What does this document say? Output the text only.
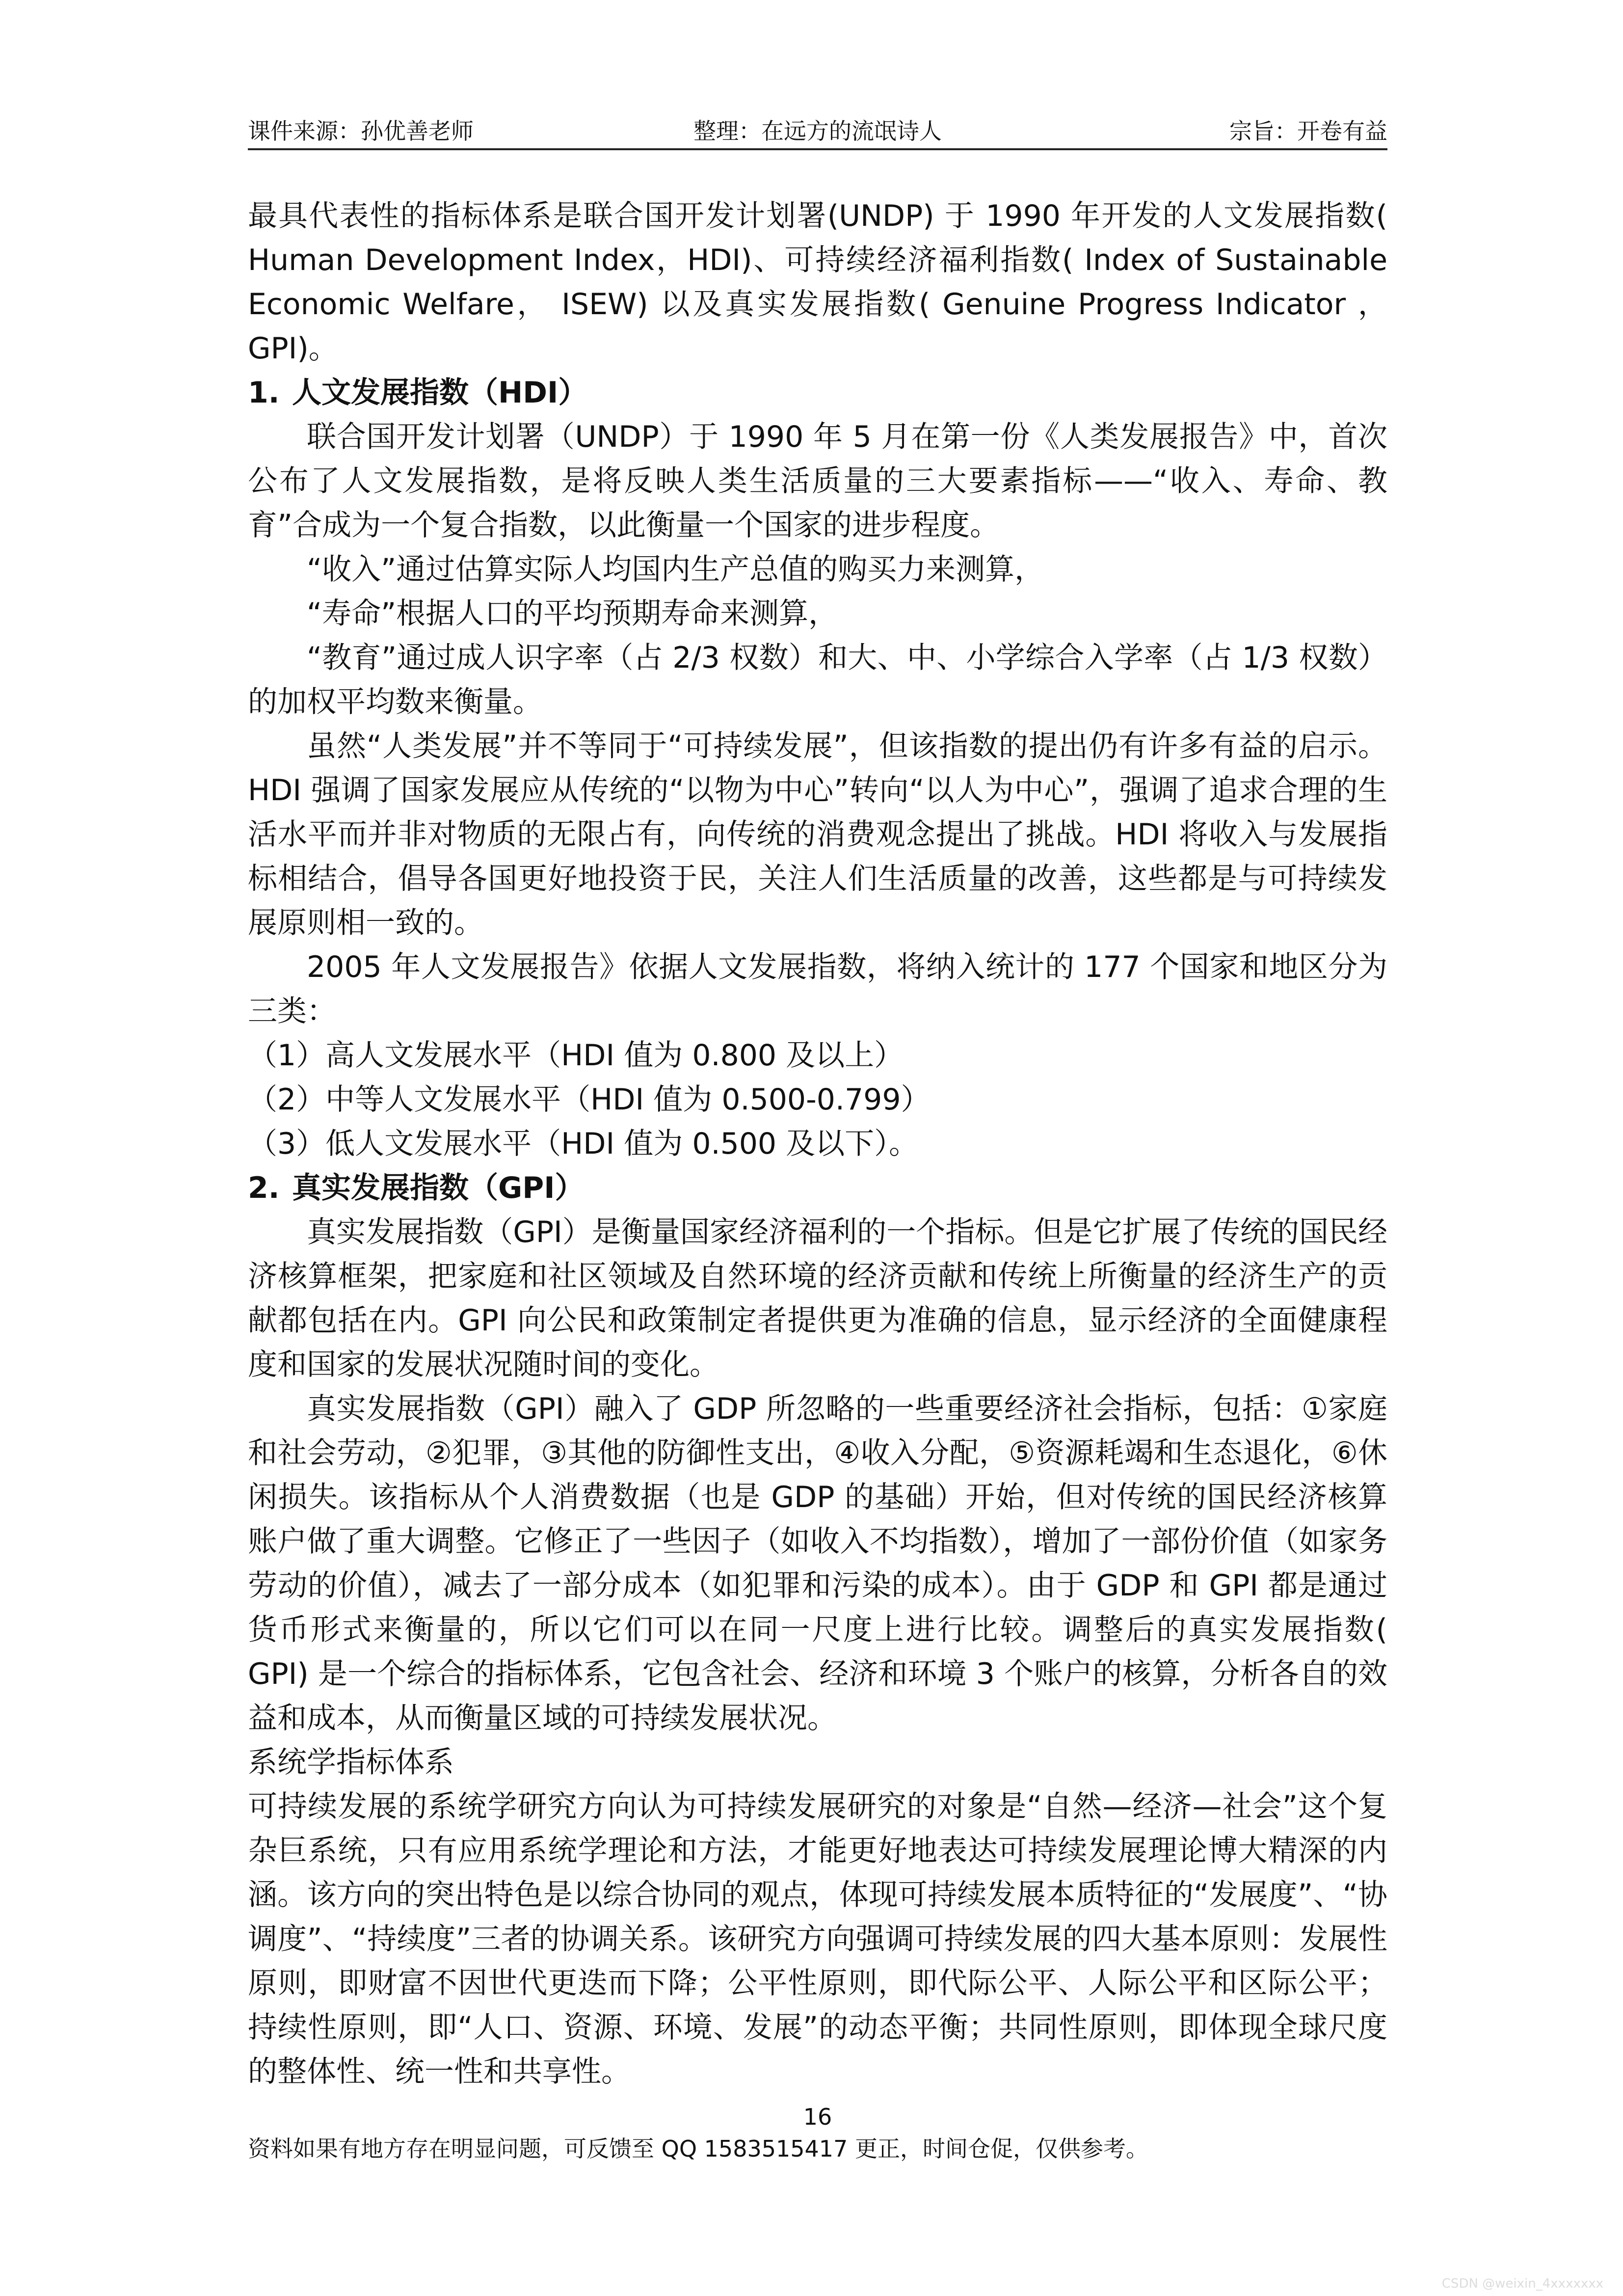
课件来源：孙优善老师	整理：在远方的流氓诗人	宗旨：开卷有益

最具代表性的指标体系是联合国开发计划署(UNDP) 于 1990 年开发的人文发展指数( Human Development Index，HDI)、可持续经济福利指数( Index of Sustainable Economic Welfare， ISEW) 以及真实发展指数( Genuine Progress Indicator ，GPI)。

1. 人文发展指数（HDI）

联合国开发计划署（UNDP）于 1990 年 5 月在第一份《人类发展报告》中，首次公布了人文发展指数，是将反映人类生活质量的三大要素指标——“收入、寿命、教育”合成为一个复合指数，以此衡量一个国家的进步程度。

“收入”通过估算实际人均国内生产总值的购买力来测算，

“寿命”根据人口的平均预期寿命来测算，

“教育”通过成人识字率（占 2/3 权数）和大、中、小学综合入学率（占 1/3 权数）的加权平均数来衡量。

虽然“人类发展”并不等同于“可持续发展”，但该指数的提出仍有许多有益的启示。HDI 强调了国家发展应从传统的“以物为中心”转向“以人为中心”，强调了追求合理的生活水平而并非对物质的无限占有，向传统的消费观念提出了挑战。HDI 将收入与发展指标相结合，倡导各国更好地投资于民，关注人们生活质量的改善，这些都是与可持续发展原则相一致的。

2005 年人文发展报告》依据人文发展指数，将纳入统计的 177 个国家和地区分为三类：

（1）高人文发展水平（HDI 值为 0.800 及以上）

（2）中等人文发展水平（HDI 值为 0.500-0.799）

（3）低人文发展水平（HDI 值为 0.500 及以下）。

2. 真实发展指数（GPI）

真实发展指数（GPI）是衡量国家经济福利的一个指标。但是它扩展了传统的国民经济核算框架，把家庭和社区领域及自然环境的经济贡献和传统上所衡量的经济生产的贡献都包括在内。GPI 向公民和政策制定者提供更为准确的信息，显示经济的全面健康程度和国家的发展状况随时间的变化。

真实发展指数（GPI）融入了 GDP 所忽略的一些重要经济社会指标，包括：①家庭和社会劳动，②犯罪，③其他的防御性支出，④收入分配，⑤资源耗竭和生态退化，⑥休闲损失。该指标从个人消费数据（也是 GDP 的基础）开始，但对传统的国民经济核算账户做了重大调整。它修正了一些因子（如收入不均指数），增加了一部份价值（如家务劳动的价值），减去了一部分成本（如犯罪和污染的成本）。由于 GDP 和 GPI 都是通过货币形式来衡量的，所以它们可以在同一尺度上进行比较。调整后的真实发展指数( GPI) 是一个综合的指标体系，它包含社会、经济和环境 3 个账户的核算，分析各自的效益和成本，从而衡量区域的可持续发展状况。

系统学指标体系

可持续发展的系统学研究方向认为可持续发展研究的对象是“自然—经济—社会”这个复杂巨系统，只有应用系统学理论和方法，才能更好地表达可持续发展理论博大精深的内涵。该方向的突出特色是以综合协同的观点，体现可持续发展本质特征的“发展度”、“协调度”、“持续度”三者的协调关系。该研究方向强调可持续发展的四大基本原则：发展性原则，即财富不因世代更迭而下降；公平性原则，即代际公平、人际公平和区际公平；持续性原则，即“人口、资源、环境、发展”的动态平衡；共同性原则，即体现全球尺度的整体性、统一性和共享性。

16
资料如果有地方存在明显问题，可反馈至 QQ 1583515417 更正，时间仓促，仅供参考。
CSDN @weixin_4xxxxxxx
